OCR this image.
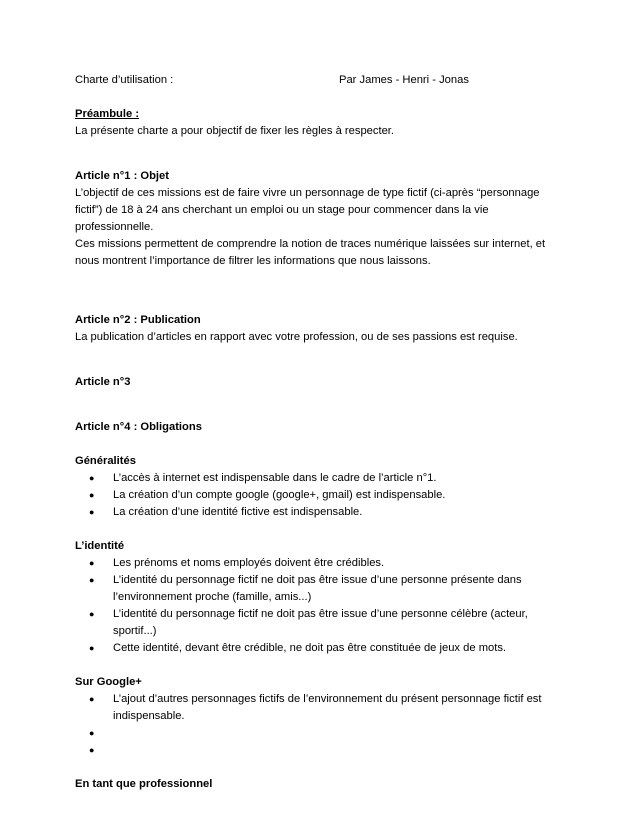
Charte d’utilisation :	Par James - Henri - Jonas
Préambule :
La présente charte a pour objectif de fixer les règles à respecter.
Article n°1 : Objet
L’objectif de ces missions est de faire vivre un personnage de type fictif (ci-après “personnage
fictif”) de 18 à 24 ans cherchant un emploi ou un stage pour commencer dans la vie
professionnelle.
Ces missions permettent de comprendre la notion de traces numérique laissées sur internet, et
nous montrent l’importance de filtrer les informations que nous laissons.
Article n°2 : Publication
La publication d’articles en rapport avec votre profession, ou de ses passions est requise.
Article n°3
Article n°4 : Obligations
Généralités
● L’accès à internet est indispensable dans le cadre de l’article n°1.
● La création d’un compte google (google+, gmail) est indispensable.
● La création d’une identité fictive est indispensable.
L’identité
● Les prénoms et noms employés doivent être crédibles.
● L’identité du personnage fictif ne doit pas être issue d’une personne présente dans
l’environnement proche (famille, amis...)
● L’identité du personnage fictif ne doit pas être issue d’une personne célèbre (acteur,
sportif...)
● Cette identité, devant être crédible, ne doit pas être constituée de jeux de mots.
Sur Google+
● L’ajout d’autres personnages fictifs de l’environnement du présent personnage fictif est
indispensable.
●

●

En tant que professionnel
